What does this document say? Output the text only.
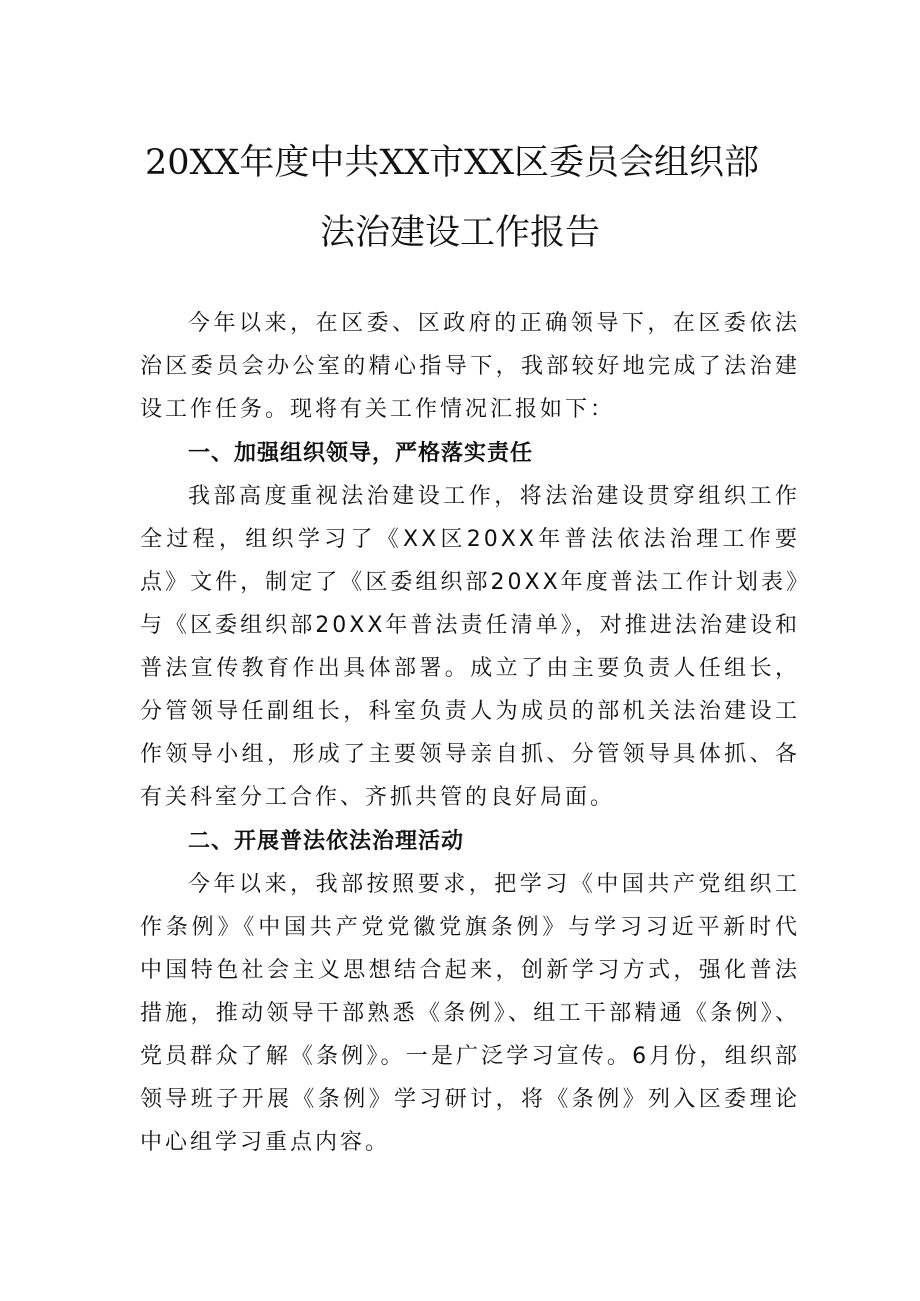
20XX年度中共XX市XX区委员会组织部
法治建设工作报告

今年以来，在区委、区政府的正确领导下，在区委依法治区委员会办公室的精心指导下，我部较好地完成了法治建设工作任务。现将有关工作情况汇报如下：

一、加强组织领导，严格落实责任

我部高度重视法治建设工作，将法治建设贯穿组织工作全过程，组织学习了《XX区20XX年普法依法治理工作要点》文件，制定了《区委组织部20XX年度普法工作计划表》与《区委组织部20XX年普法责任清单》，对推进法治建设和普法宣传教育作出具体部署。成立了由主要负责人任组长，分管领导任副组长，科室负责人为成员的部机关法治建设工作领导小组，形成了主要领导亲自抓、分管领导具体抓、各有关科室分工合作、齐抓共管的良好局面。

二、开展普法依法治理活动

今年以来，我部按照要求，把学习《中国共产党组织工作条例》《中国共产党党徽党旗条例》与学习习近平新时代中国特色社会主义思想结合起来，创新学习方式，强化普法措施，推动领导干部熟悉《条例》、组工干部精通《条例》、党员群众了解《条例》。一是广泛学习宣传。6月份，组织部领导班子开展《条例》学习研讨，将《条例》列入区委理论中心组学习重点内容。
